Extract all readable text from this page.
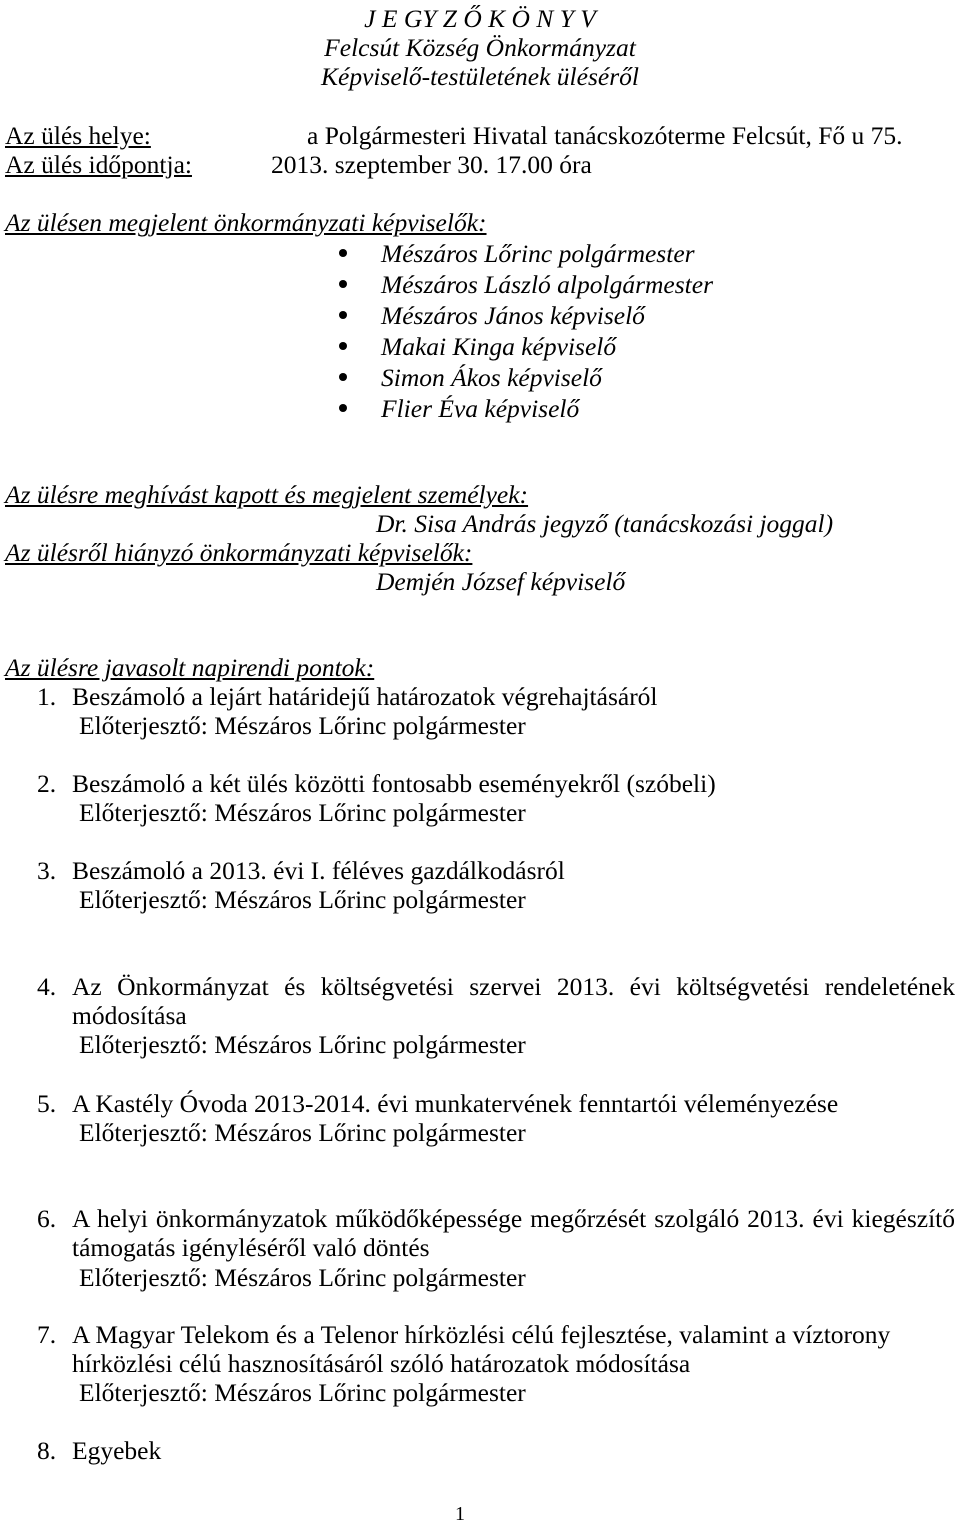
J E GY Z Ő K Ö N Y V
Felcsút Község Önkormányzat
Képviselő-testületének üléséről
Az ülés helye:	a Polgármesteri Hivatal tanácskozóterme Felcsút, Fő u 75.
Az ülés időpontja:	2013. szeptember 30. 17.00 óra
Az ülésen megjelent önkormányzati képviselők:
Mészáros Lőrinc polgármester
Mészáros László alpolgármester
Mészáros János képviselő
Makai Kinga képviselő
Simon Ákos képviselő
Flier Éva képviselő
Az ülésre meghívást kapott és megjelent személyek:
Dr. Sisa András jegyző (tanácskozási joggal)
Az ülésről hiányzó önkormányzati képviselők:
Demjén József képviselő
Az ülésre javasolt napirendi pontok:
1. Beszámoló a lejárt határidejű határozatok végrehajtásáról
Előterjesztő: Mészáros Lőrinc polgármester
2. Beszámoló a két ülés közötti fontosabb eseményekről (szóbeli)
Előterjesztő: Mészáros Lőrinc polgármester
3. Beszámoló a 2013. évi I. féléves gazdálkodásról
Előterjesztő: Mészáros Lőrinc polgármester
4. Az Önkormányzat és költségvetési szervei 2013. évi költségvetési rendeletének módosítása
Előterjesztő: Mészáros Lőrinc polgármester
5. A Kastély Óvoda 2013-2014. évi munkatervének fenntartói véleményezése
Előterjesztő: Mészáros Lőrinc polgármester
6. A helyi önkormányzatok működőképessége megőrzését szolgáló 2013. évi kiegészítő támogatás igényléséről való döntés
Előterjesztő: Mészáros Lőrinc polgármester
7. A Magyar Telekom és a Telenor hírközlési célú fejlesztése, valamint a víztorony hírközlési célú hasznosításáról szóló határozatok módosítása
Előterjesztő: Mészáros Lőrinc polgármester
8. Egyebek
1
